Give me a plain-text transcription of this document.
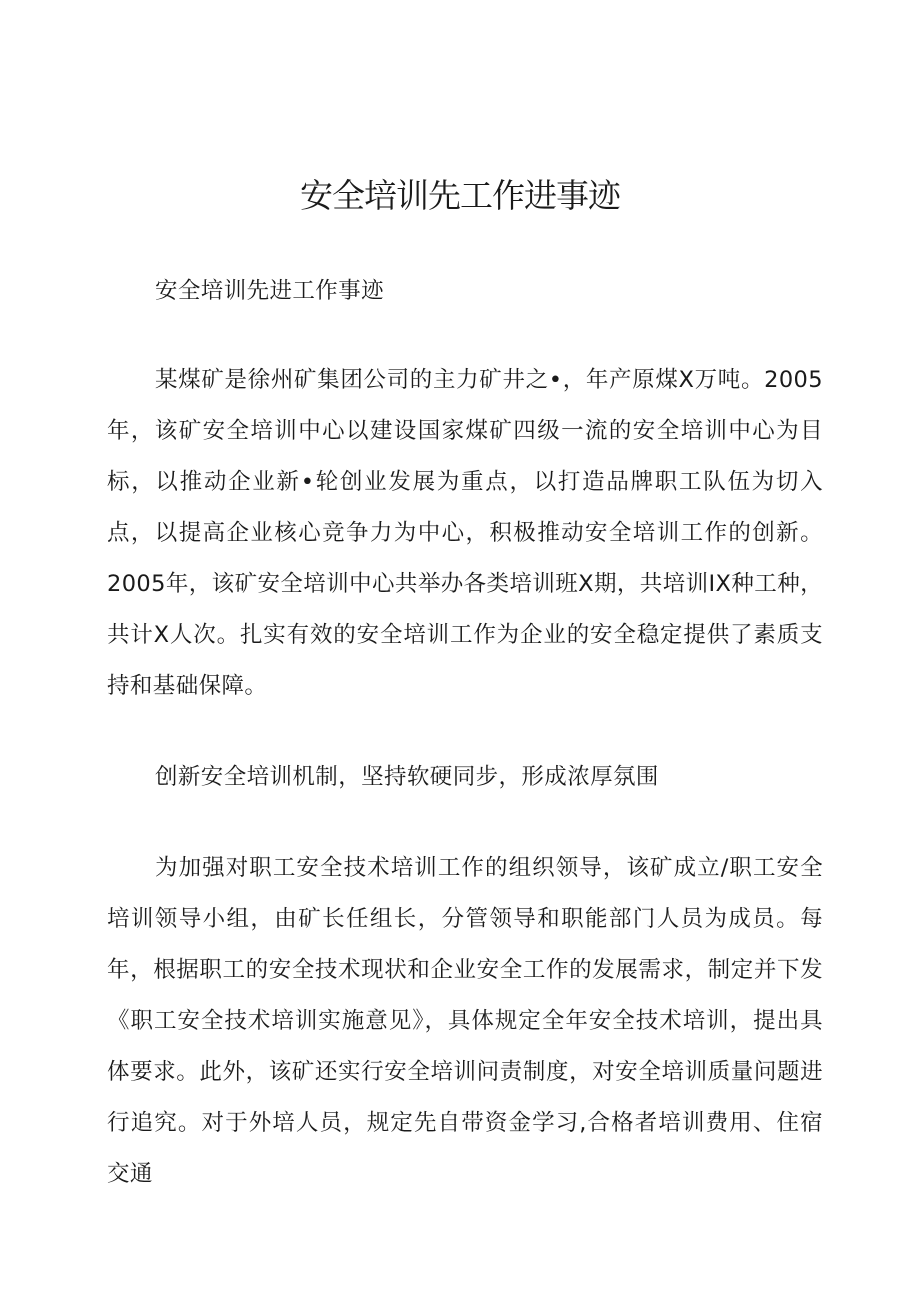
安全培训先工作进事迹

安全培训先进工作事迹

某煤矿是徐州矿集团公司的主力矿井之•，年产原煤X万吨。2005年，该矿安全培训中心以建设国家煤矿四级一流的安全培训中心为目标，以推动企业新•轮创业发展为重点，以打造品牌职工队伍为切入点，以提高企业核心竞争力为中心，积极推动安全培训工作的创新。2005年，该矿安全培训中心共举办各类培训班X期，共培训IX种工种，共计X人次。扎实有效的安全培训工作为企业的安全稳定提供了素质支持和基础保障。

创新安全培训机制，坚持软硬同步，形成浓厚氛围

为加强对职工安全技术培训工作的组织领导，该矿成立/职工安全培训领导小组，由矿长任组长，分管领导和职能部门人员为成员。每年，根据职工的安全技术现状和企业安全工作的发展需求，制定并下发《职工安全技术培训实施意见》，具体规定全年安全技术培训，提出具体要求。此外，该矿还实行安全培训问责制度，对安全培训质量问题进行追究。对于外培人员，规定先自带资金学习,合格者培训费用、住宿交通
